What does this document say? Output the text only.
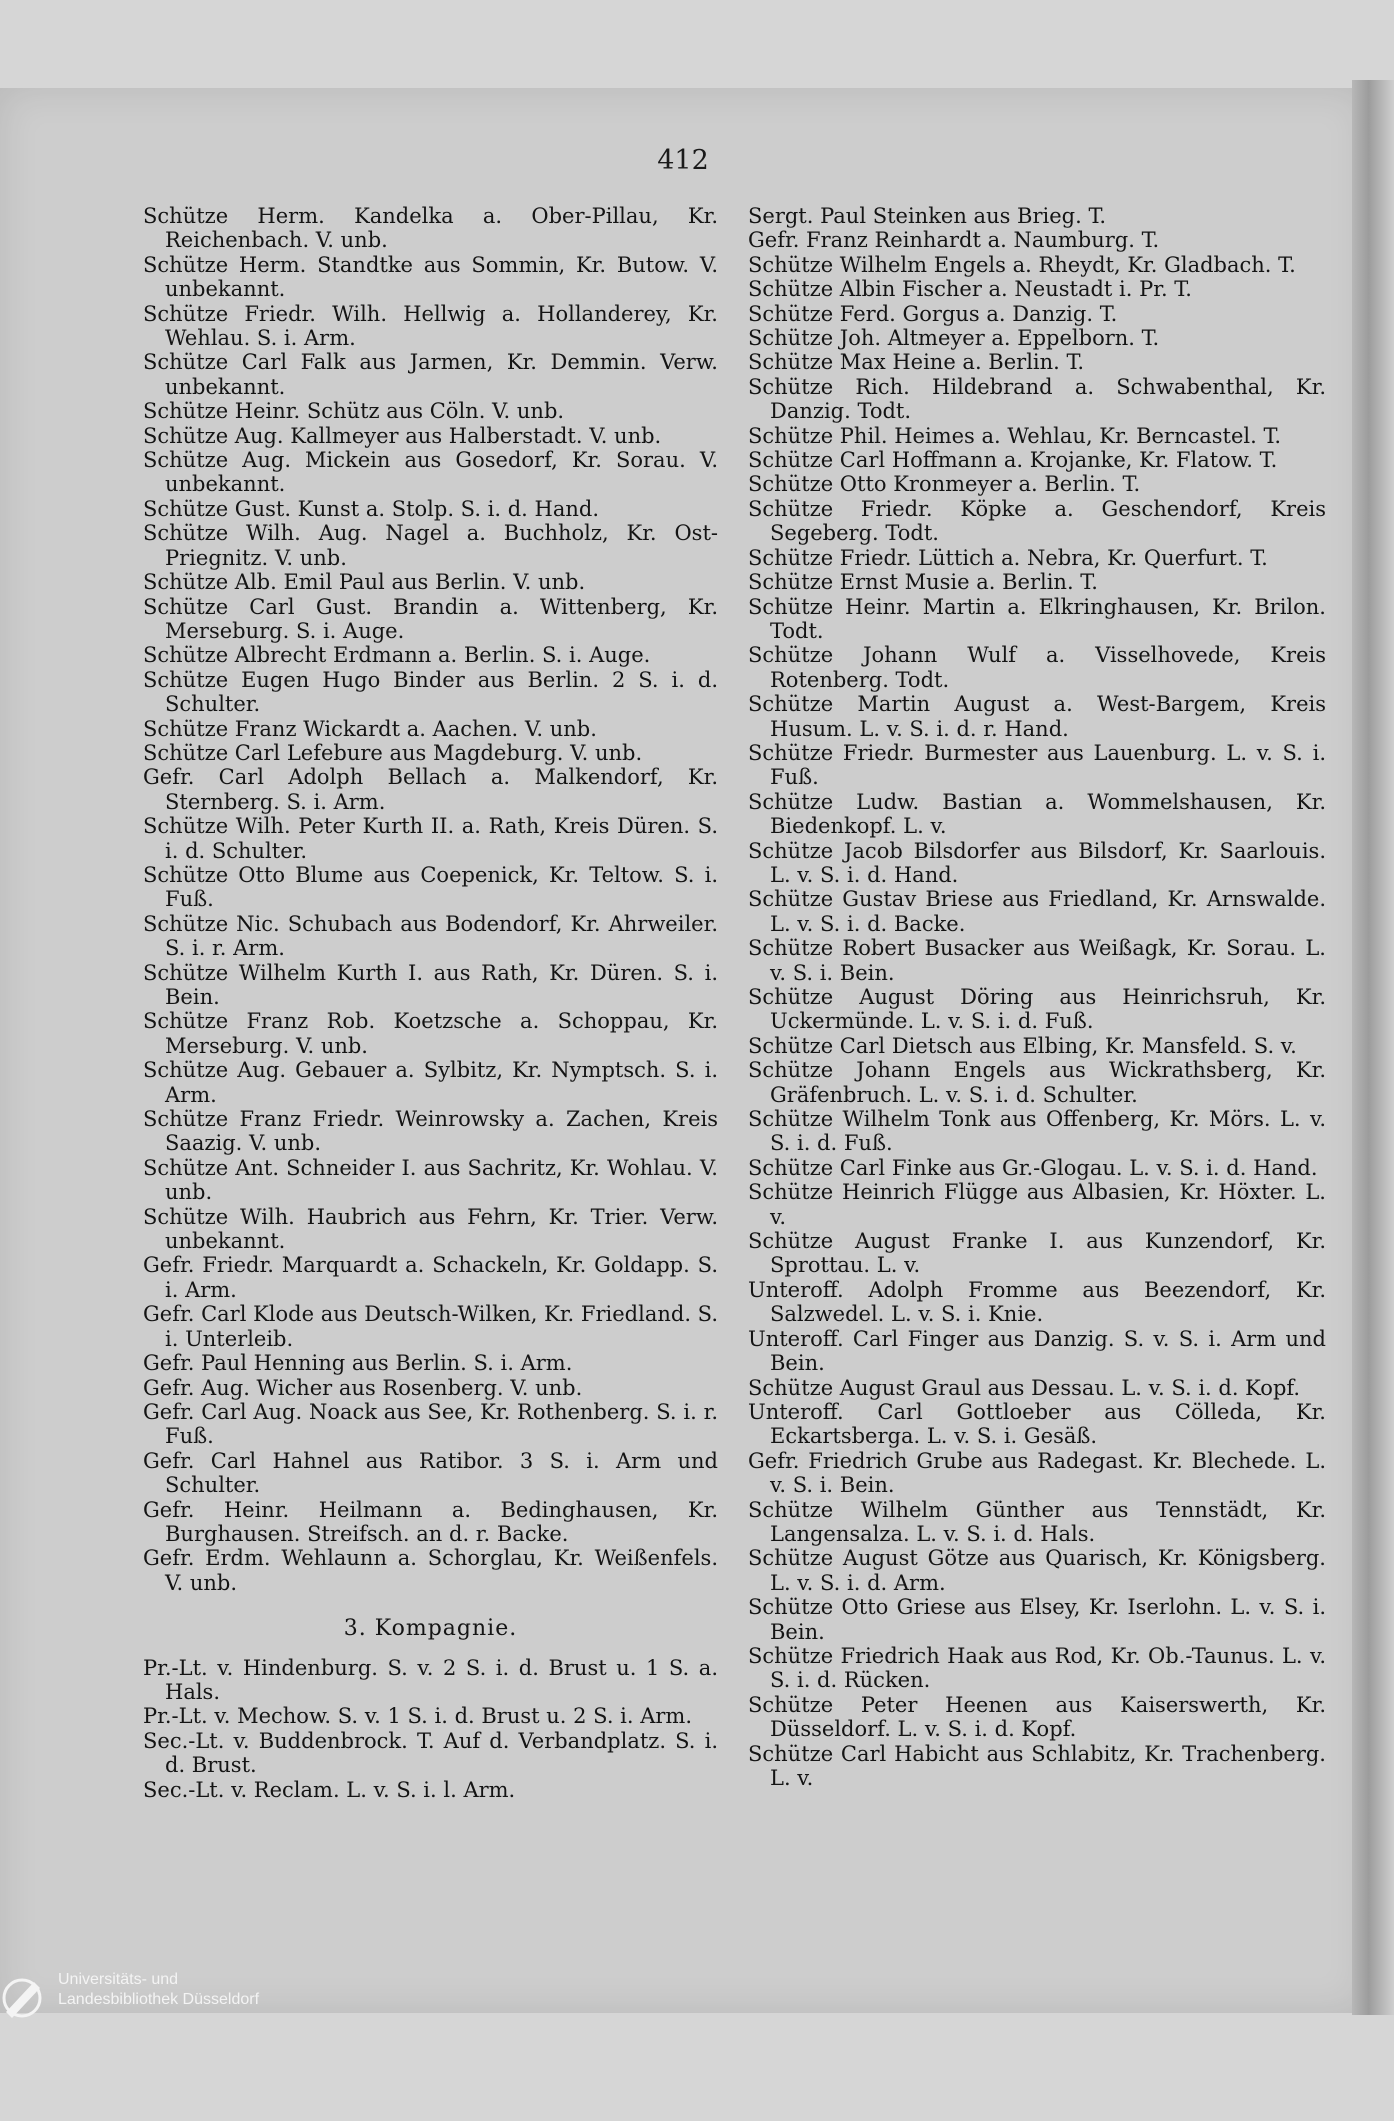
412
Schütze Herm. Kandelka a. Ober-Pillau, Kr. Reichenbach. V. unb.
Schütze Herm. Standtke aus Sommin, Kr. Butow. V. unbekannt.
Schütze Friedr. Wilh. Hellwig a. Hollanderey, Kr. Wehlau. S. i. Arm.
Schütze Carl Falk aus Jarmen, Kr. Demmin. Verw. unbekannt.
Schütze Heinr. Schütz aus Cöln. V. unb.
Schütze Aug. Kallmeyer aus Halberstadt. V. unb.
Schütze Aug. Mickein aus Gosedorf, Kr. Sorau. V. unbekannt.
Schütze Gust. Kunst a. Stolp. S. i. d. Hand.
Schütze Wilh. Aug. Nagel a. Buchholz, Kr. Ost-Priegnitz. V. unb.
Schütze Alb. Emil Paul aus Berlin. V. unb.
Schütze Carl Gust. Brandin a. Wittenberg, Kr. Merseburg. S. i. Auge.
Schütze Albrecht Erdmann a. Berlin. S. i. Auge.
Schütze Eugen Hugo Binder aus Berlin. 2 S. i. d. Schulter.
Schütze Franz Wickardt a. Aachen. V. unb.
Schütze Carl Lefebure aus Magdeburg. V. unb.
Gefr. Carl Adolph Bellach a. Malkendorf, Kr. Sternberg. S. i. Arm.
Schütze Wilh. Peter Kurth II. a. Rath, Kreis Düren. S. i. d. Schulter.
Schütze Otto Blume aus Coepenick, Kr. Teltow. S. i. Fuß.
Schütze Nic. Schubach aus Bodendorf, Kr. Ahrweiler. S. i. r. Arm.
Schütze Wilhelm Kurth I. aus Rath, Kr. Düren. S. i. Bein.
Schütze Franz Rob. Koetzsche a. Schoppau, Kr. Merseburg. V. unb.
Schütze Aug. Gebauer a. Sylbitz, Kr. Nymptsch. S. i. Arm.
Schütze Franz Friedr. Weinrowsky a. Zachen, Kreis Saazig. V. unb.
Schütze Ant. Schneider I. aus Sachritz, Kr. Wohlau. V. unb.
Schütze Wilh. Haubrich aus Fehrn, Kr. Trier. Verw. unbekannt.
Gefr. Friedr. Marquardt a. Schackeln, Kr. Goldapp. S. i. Arm.
Gefr. Carl Klode aus Deutsch-Wilken, Kr. Friedland. S. i. Unterleib.
Gefr. Paul Henning aus Berlin. S. i. Arm.
Gefr. Aug. Wicher aus Rosenberg. V. unb.
Gefr. Carl Aug. Noack aus See, Kr. Rothenberg. S. i. r. Fuß.
Gefr. Carl Hahnel aus Ratibor. 3 S. i. Arm und Schulter.
Gefr. Heinr. Heilmann a. Bedinghausen, Kr. Burghausen. Streifsch. an d. r. Backe.
Gefr. Erdm. Wehlaunn a. Schorglau, Kr. Weißenfels. V. unb.
3. Kompagnie.
Pr.-Lt. v. Hindenburg. S. v. 2 S. i. d. Brust u. 1 S. a. Hals.
Pr.-Lt. v. Mechow. S. v. 1 S. i. d. Brust u. 2 S. i. Arm.
Sec.-Lt. v. Buddenbrock. T. Auf d. Verbandplatz. S. i. d. Brust.
Sec.-Lt. v. Reclam. L. v. S. i. l. Arm.
Sergt. Paul Steinken aus Brieg. T.
Gefr. Franz Reinhardt a. Naumburg. T.
Schütze Wilhelm Engels a. Rheydt, Kr. Gladbach. T.
Schütze Albin Fischer a. Neustadt i. Pr. T.
Schütze Ferd. Gorgus a. Danzig. T.
Schütze Joh. Altmeyer a. Eppelborn. T.
Schütze Max Heine a. Berlin. T.
Schütze Rich. Hildebrand a. Schwabenthal, Kr. Danzig. Todt.
Schütze Phil. Heimes a. Wehlau, Kr. Berncastel. T.
Schütze Carl Hoffmann a. Krojanke, Kr. Flatow. T.
Schütze Otto Kronmeyer a. Berlin. T.
Schütze Friedr. Köpke a. Geschendorf, Kreis Segeberg. Todt.
Schütze Friedr. Lüttich a. Nebra, Kr. Querfurt. T.
Schütze Ernst Musie a. Berlin. T.
Schütze Heinr. Martin a. Elkringhausen, Kr. Brilon. Todt.
Schütze Johann Wulf a. Visselhovede, Kreis Rotenberg. Todt.
Schütze Martin August a. West-Bargem, Kreis Husum. L. v. S. i. d. r. Hand.
Schütze Friedr. Burmester aus Lauenburg. L. v. S. i. Fuß.
Schütze Ludw. Bastian a. Wommelshausen, Kr. Biedenkopf. L. v.
Schütze Jacob Bilsdorfer aus Bilsdorf, Kr. Saarlouis. L. v. S. i. d. Hand.
Schütze Gustav Briese aus Friedland, Kr. Arnswalde. L. v. S. i. d. Backe.
Schütze Robert Busacker aus Weißagk, Kr. Sorau. L. v. S. i. Bein.
Schütze August Döring aus Heinrichsruh, Kr. Uckermünde. L. v. S. i. d. Fuß.
Schütze Carl Dietsch aus Elbing, Kr. Mansfeld. S. v.
Schütze Johann Engels aus Wickrathsberg, Kr. Gräfenbruch. L. v. S. i. d. Schulter.
Schütze Wilhelm Tonk aus Offenberg, Kr. Mörs. L. v. S. i. d. Fuß.
Schütze Carl Finke aus Gr.-Glogau. L. v. S. i. d. Hand.
Schütze Heinrich Flügge aus Albasien, Kr. Höxter. L. v.
Schütze August Franke I. aus Kunzendorf, Kr. Sprottau. L. v.
Unteroff. Adolph Fromme aus Beezendorf, Kr. Salzwedel. L. v. S. i. Knie.
Unteroff. Carl Finger aus Danzig. S. v. S. i. Arm und Bein.
Schütze August Graul aus Dessau. L. v. S. i. d. Kopf.
Unteroff. Carl Gottloeber aus Cölleda, Kr. Eckartsberga. L. v. S. i. Gesäß.
Gefr. Friedrich Grube aus Radegast. Kr. Blechede. L. v. S. i. Bein.
Schütze Wilhelm Günther aus Tennstädt, Kr. Langensalza. L. v. S. i. d. Hals.
Schütze August Götze aus Quarisch, Kr. Königsberg. L. v. S. i. d. Arm.
Schütze Otto Griese aus Elsey, Kr. Iserlohn. L. v. S. i. Bein.
Schütze Friedrich Haak aus Rod, Kr. Ob.-Taunus. L. v. S. i. d. Rücken.
Schütze Peter Heenen aus Kaiserswerth, Kr. Düsseldorf. L. v. S. i. d. Kopf.
Schütze Carl Habicht aus Schlabitz, Kr. Trachenberg. L. v.
Universitäts- und
Landesbibliothek Düsseldorf
